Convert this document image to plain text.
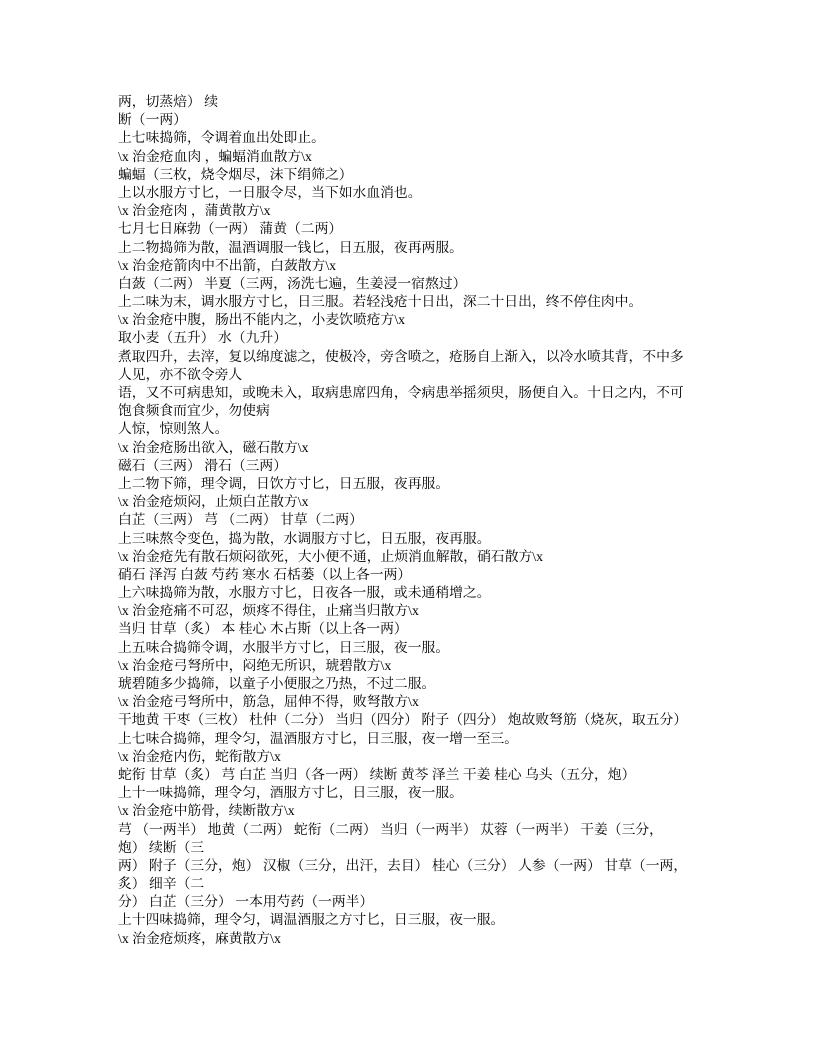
两，切蒸焙） 续
断（一两）
上七味捣筛，令调着血出处即止。
\x 治金疮血肉 ，蝙蝠消血散方\x
蝙蝠（三枚，烧令烟尽，沫下绢筛之）
上以水服方寸匕，一日服令尽，当下如水血消也。
\x 治金疮肉 ，蒲黄散方\x
七月七日麻勃（一两） 蒲黄（二两）
上二物捣筛为散，温酒调服一钱匕，日五服，夜再两服。
\x 治金疮箭肉中不出箭，白蔹散方\x
白蔹（二两） 半夏（三两，汤洗七遍，生姜浸一宿熬过）
上二味为末，调水服方寸匕，日三服。若轻浅疮十日出，深二十日出，终不停住肉中。
\x 治金疮中腹，肠出不能内之，小麦饮喷疮方\x
取小麦（五升） 水（九升）
煮取四升，去滓，复以绵度滤之，使极冷，旁含喷之，疮肠自上渐入，以冷水喷其背，不中多
人见，亦不欲令旁人
语，又不可病患知，或晚未入，取病患席四角，令病患举摇须臾，肠便自入。十日之内，不可
饱食频食而宜少，勿使病
人惊，惊则煞人。
\x 治金疮肠出欲入，磁石散方\x
磁石（三两） 滑石（三两）
上二物下筛，理令调，日饮方寸匕，日五服，夜再服。
\x 治金疮烦闷，止烦白芷散方\x
白芷（三两） 芎 （二两） 甘草（二两）
上三味熬令变色，捣为散，水调服方寸匕，日五服，夜再服。
\x 治金疮先有散石烦闷欲死，大小便不通，止烦消血解散，硝石散方\x
硝石 泽泻 白蔹 芍药 寒水 石栝蒌（以上各一两）
上六味捣筛为散，水服方寸匕，日夜各一服，或未通稍增之。
\x 治金疮痛不可忍，烦疼不得住，止痛当归散方\x
当归 甘草（炙） 本 桂心 木占斯（以上各一两）
上五味合捣筛令调，水服半方寸匕，日三服，夜一服。
\x 治金疮弓弩所中，闷绝无所识，琥碧散方\x
琥碧随多少捣筛，以童子小便服之乃热，不过二服。
\x 治金疮弓弩所中，筋急，屈伸不得，败弩散方\x
干地黄 干枣（三枚） 杜仲（二分） 当归（四分） 附子（四分） 炮故败弩筋（烧灰，取五分）
上七味合捣筛，理令匀，温酒服方寸匕，日三服，夜一增一至三。
\x 治金疮内伤，蛇衔散方\x
蛇衔 甘草（炙） 芎 白芷 当归（各一两） 续断 黄芩 泽兰 干姜 桂心 乌头（五分，炮）
上十一味捣筛，理令匀，酒服方寸匕，日三服，夜一服。
\x 治金疮中筋骨，续断散方\x
芎 （一两半） 地黄（二两） 蛇衔（二两） 当归（一两半） 苁蓉（一两半） 干姜（三分，
炮） 续断（三
两） 附子（三分，炮） 汉椒（三分，出汗，去目） 桂心（三分） 人参（一两） 甘草（一两，
炙） 细辛（二
分） 白芷（三分） 一本用芍药（一两半）
上十四味捣筛，理令匀，调温酒服之方寸匕，日三服，夜一服。
\x 治金疮烦疼，麻黄散方\x
